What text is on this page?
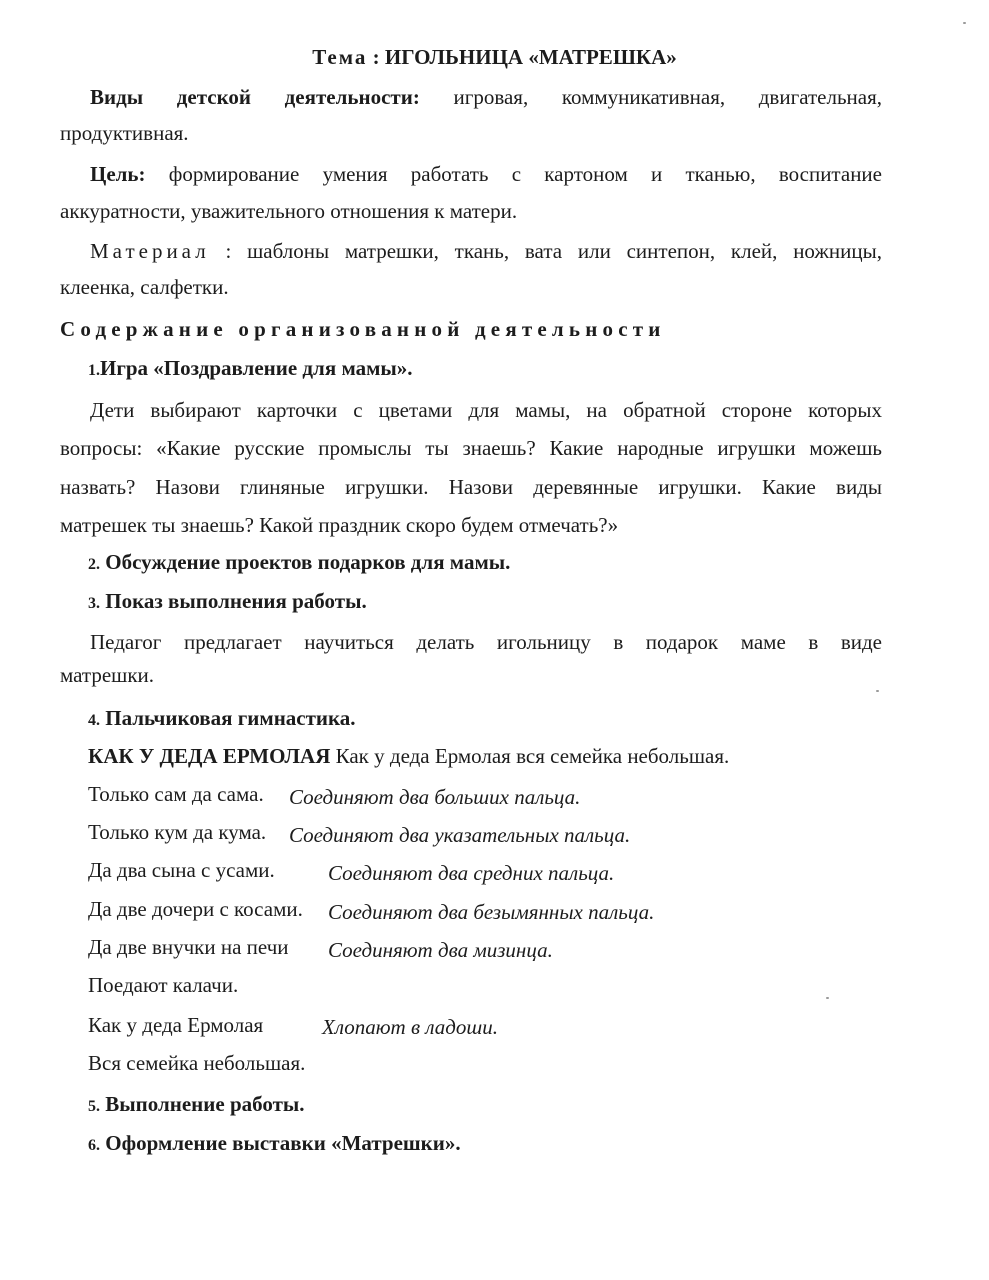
Тема : ИГОЛЬНИЦА «МАТРЕШКА»
Виды детской деятельности: игровая, коммуникативная, двигательная,
продуктивная.
Цель: формирование умения работать с картоном и тканью, воспитание
аккуратности, уважительного отношения к матери.
Материал : шаблоны матрешки, ткань, вата или синтепон, клей, ножницы,
клеенка, салфетки.
Содержание организованной деятельности
1.Игра «Поздравление для мамы».
Дети выбирают карточки с цветами для мамы, на обратной стороне которых
вопросы: «Какие русские промыслы ты знаешь? Какие народные игрушки можешь
назвать? Назови глиняные игрушки. Назови деревянные игрушки. Какие виды
матрешек ты знаешь? Какой праздник скоро будем отмечать?»
2. Обсуждение проектов подарков для мамы.
3. Показ выполнения работы.
Педагог предлагает научиться делать игольницу в подарок маме в виде
матрешки.
4. Пальчиковая гимнастика.
КАК У ДЕДА ЕРМОЛАЯ Как у деда Ермолая вся семейка небольшая.
Только сам да сама. Соединяют два больших пальца.
Только кум да кума. Соединяют два указательных пальца.
Да два сына с усами.	Соединяют два средних пальца.
Да две дочери с косами. Соединяют два безымянных пальца.
Да две внучки на печи Соединяют два мизинца.
Поедают калачи.
Как у деда Ермолая	Хлопают в ладоши.
Вся семейка небольшая.
5. Выполнение работы.
6. Оформление выставки «Матрешки».
